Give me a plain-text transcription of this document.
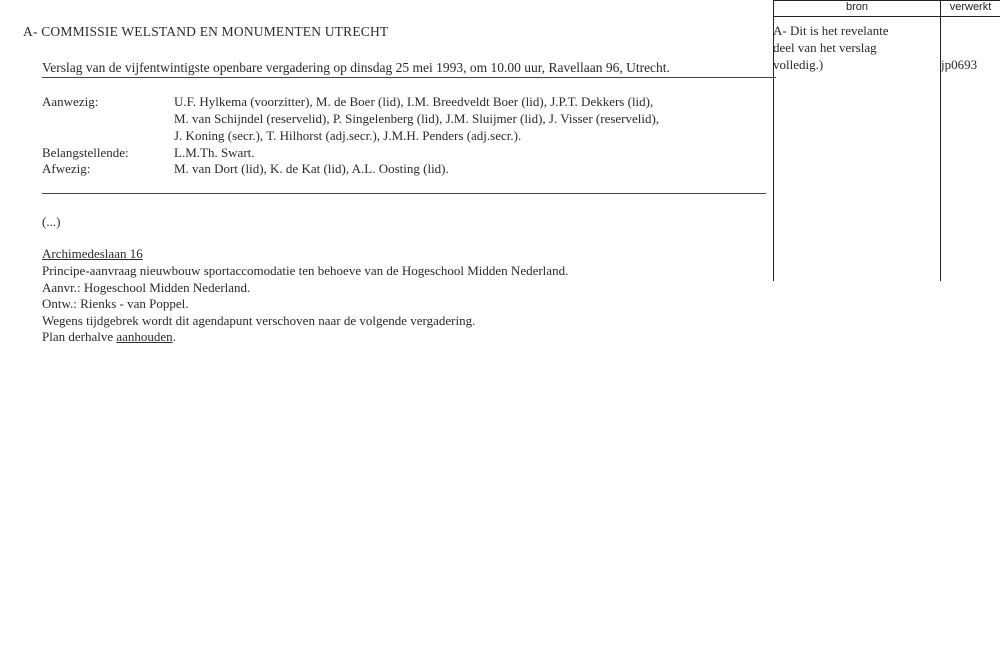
bron	verwerkt
A- Dit is het revelante
deel van het verslag
volledig.)	jp0693
A- COMMISSIE WELSTAND EN MONUMENTEN UTRECHT
Verslag van de vijfentwintigste openbare vergadering op dinsdag 25 mei 1993, om 10.00 uur, Ravellaan 96, Utrecht.
Aanwezig:	U.F. Hylkema (voorzitter), M. de Boer (lid), I.M. Breedveldt Boer (lid), J.P.T. Dekkers (lid),
M. van Schijndel (reservelid), P. Singelenberg (lid), J.M. Sluijmer (lid), J. Visser (reservelid),
J. Koning (secr.), T. Hilhorst (adj.secr.), J.M.H. Penders (adj.secr.).
Belangstellende:	L.M.Th. Swart.
Afwezig:	M. van Dort (lid), K. de Kat (lid), A.L. Oosting (lid).
(...)
Archimedeslaan 16
Principe-aanvraag nieuwbouw sportaccomodatie ten behoeve van de Hogeschool Midden Nederland.
Aanvr.: Hogeschool Midden Nederland.
Ontw.: Rienks - van Poppel.
Wegens tijdgebrek wordt dit agendapunt verschoven naar de volgende vergadering.
Plan derhalve aanhouden.
